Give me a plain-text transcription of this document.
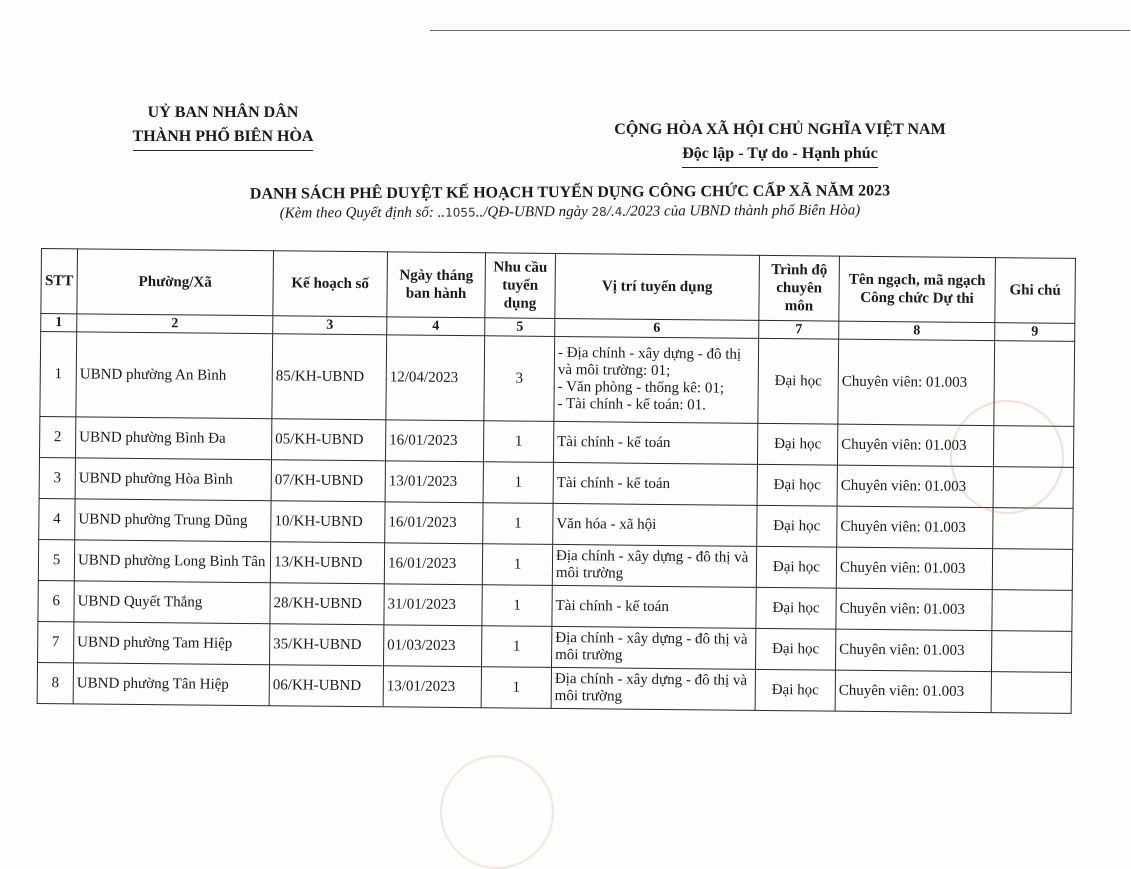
UỶ BAN NHÂN DÂN
THÀNH PHỐ BIÊN HÒA	CỘNG HÒA XÃ HỘI CHỦ NGHĨA VIỆT NAM
Độc lập - Tự do - Hạnh phúc
DANH SÁCH PHÊ DUYỆT KẾ HOẠCH TUYỂN DỤNG CÔNG CHỨC CẤP XÃ NĂM 2023
(Kèm theo Quyết định số: ..1055../QĐ-UBND ngày 28/.4./2023 của UBND thành phố Biên Hòa)
STT	Phường/Xã	Kế hoạch số	Ngày tháng ban hành	Nhu cầu tuyển dụng	Vị trí tuyển dụng	Trình độ chuyên môn	Tên ngạch, mã ngạch Công chức Dự thi	Ghi chú
1	2	3	4	5	6	7	8	9
1	UBND phường An Bình	85/KH-UBND	12/04/2023	3	- Địa chính - xây dựng - đô thị và môi trường: 01;
- Văn phòng - thống kê: 01;
- Tài chính - kế toán: 01.	Đại học	Chuyên viên: 01.003	
2	UBND phường Bình Đa	05/KH-UBND	16/01/2023	1	Tài chính - kế toán	Đại học	Chuyên viên: 01.003	
3	UBND phường Hòa Bình	07/KH-UBND	13/01/2023	1	Tài chính - kế toán	Đại học	Chuyên viên: 01.003	
4	UBND phường Trung Dũng	10/KH-UBND	16/01/2023	1	Văn hóa - xã hội	Đại học	Chuyên viên: 01.003	
5	UBND phường Long Bình Tân	13/KH-UBND	16/01/2023	1	Địa chính - xây dựng - đô thị và môi trường	Đại học	Chuyên viên: 01.003	
6	UBND Quyết Thắng	28/KH-UBND	31/01/2023	1	Tài chính - kế toán	Đại học	Chuyên viên: 01.003	
7	UBND phường Tam Hiệp	35/KH-UBND	01/03/2023	1	Địa chính - xây dựng - đô thị và môi trường	Đại học	Chuyên viên: 01.003	
8	UBND phường Tân Hiệp	06/KH-UBND	13/01/2023	1	Địa chính - xây dựng - đô thị và môi trường	Đại học	Chuyên viên: 01.003	
